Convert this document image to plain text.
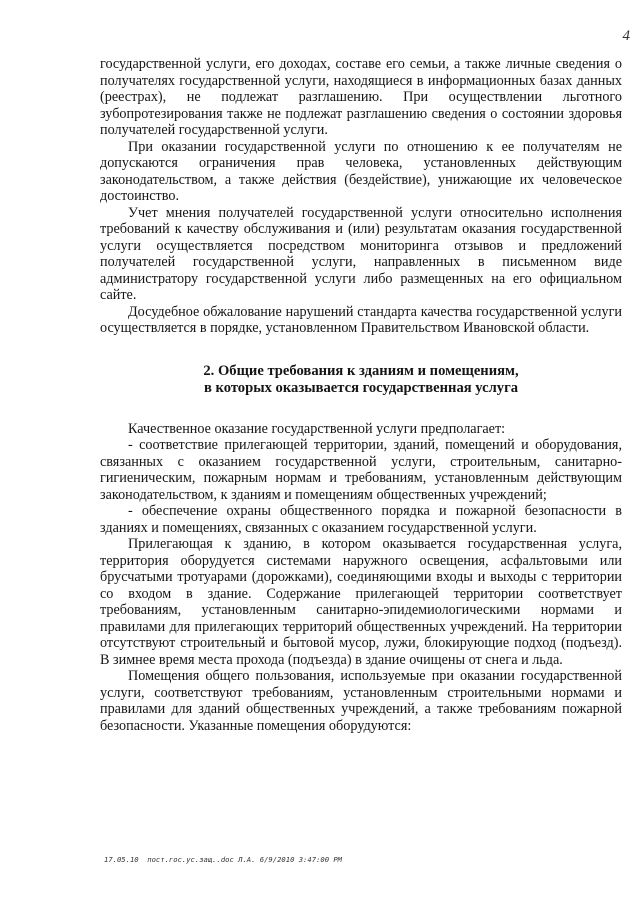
4

государственной услуги, его доходах, составе его семьи, а также личные сведения о получателях государственной услуги, находящиеся в информационных базах данных (реестрах), не подлежат разглашению. При осуществлении льготного зубопротезирования также не подлежат разглашению сведения о состоянии здоровья получателей государственной услуги.

При оказании государственной услуги по отношению к ее получателям не допускаются ограничения прав человека, установленных действующим законодательством, а также действия (бездействие), унижающие их человеческое достоинство.

Учет мнения получателей государственной услуги относительно исполнения требований к качеству обслуживания и (или) результатам оказания государственной услуги осуществляется посредством мониторинга отзывов и предложений получателей государственной услуги, направленных в письменном виде администратору государственной услуги либо размещенных на его официальном сайте.

Досудебное обжалование нарушений стандарта качества государственной услуги осуществляется в порядке, установленном Правительством Ивановской области.

2. Общие требования к зданиям и помещениям,
в которых оказывается государственная услуга

Качественное оказание государственной услуги предполагает:

- соответствие прилегающей территории, зданий, помещений и оборудования, связанных с оказанием государственной услуги, строительным, санитарно-гигиеническим, пожарным нормам и требованиям, установленным действующим законодательством, к зданиям и помещениям общественных учреждений;

- обеспечение охраны общественного порядка и пожарной безопасности в зданиях и помещениях, связанных с оказанием государственной услуги.

Прилегающая к зданию, в котором оказывается государственная услуга, территория оборудуется системами наружного освещения, асфальтовыми или брусчатыми тротуарами (дорожками), соединяющими входы и выходы с территории со входом в здание. Содержание прилегающей территории соответствует требованиям, установленным санитарно-эпидемиологическими нормами и правилами для прилегающих территорий общественных учреждений. На территории отсутствуют строительный и бытовой мусор, лужи, блокирующие подход (подъезд). В зимнее время места прохода (подъезда) в здание очищены от снега и льда.

Помещения общего пользования, используемые при оказании государственной услуги, соответствуют требованиям, установленным строительными нормами и правилами для зданий общественных учреждений, а также требованиям пожарной безопасности. Указанные помещения оборудуются:

17.05.10  пост.гос.ус.зaщ..doc Л.А. 6/9/2010 3:47:00 PM
